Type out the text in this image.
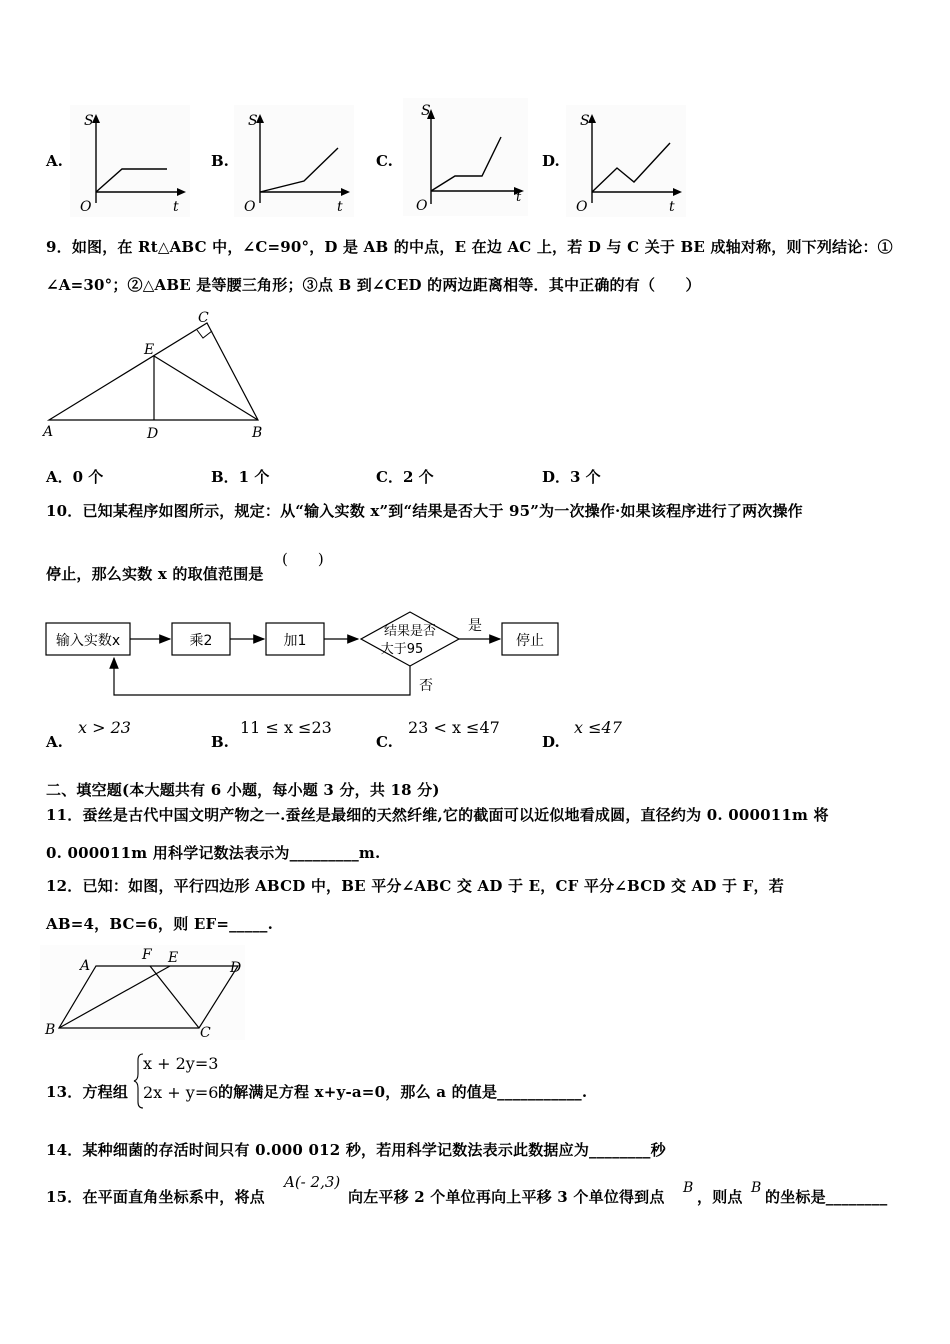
A.
S
O	t
B.
S
O	t
C.
S
O
t
D.
S
O	t
9．如图，在 Rt△ABC 中，∠C=90°，D 是 AB 的中点，E 在边 AC 上，若 D 与 C 关于 BE 成轴对称，则下列结论：①
∠A=30°；②△ABE 是等腰三角形；③点 B 到∠CED 的两边距离相等．其中正确的有（　　）
A	B
C
D
E
A．0 个	B．1 个	C．2 个	D．3 个
10．已知某程序如图所示，规定：从“输入实数 x”到“结果是否大于 95”为一次操作·如果该程序进行了两次操作
停止，那么实数 x 的取值范围是
(　　)
输入实数x	乘2	加1
结果是否
大于95
是
停止
否
A.
x > 23
B.
11 ≤ x ≤23
C.
23 < x ≤47
D.
x ≤47
二、填空题(本大题共有 6 小题，每小题 3 分，共 18 分)
11．蚕丝是古代中国文明产物之一.蚕丝是最细的天然纤维,它的截面可以近似地看成圆，直径约为 0. 000011m 将
0. 000011m 用科学记数法表示为_________m.
12．已知：如图，平行四边形 ABCD 中，BE 平分∠ABC 交 AD 于 E，CF 平分∠BCD 交 AD 于 F，若
AB=4，BC=6，则 EF=_____.
A
F E
D
B	C
13．方程组
x + 2y=3
2x + y=6 的解满足方程 x+y-a=0，那么 a 的值是___________.
14．某种细菌的存活时间只有 0.000 012 秒，若用科学记数法表示此数据应为________秒
15．在平面直角坐标系中，将点
A(- 2,3)
向左平移 2 个单位再向上平移 3 个单位得到点 B ，则点 B 的坐标是________
